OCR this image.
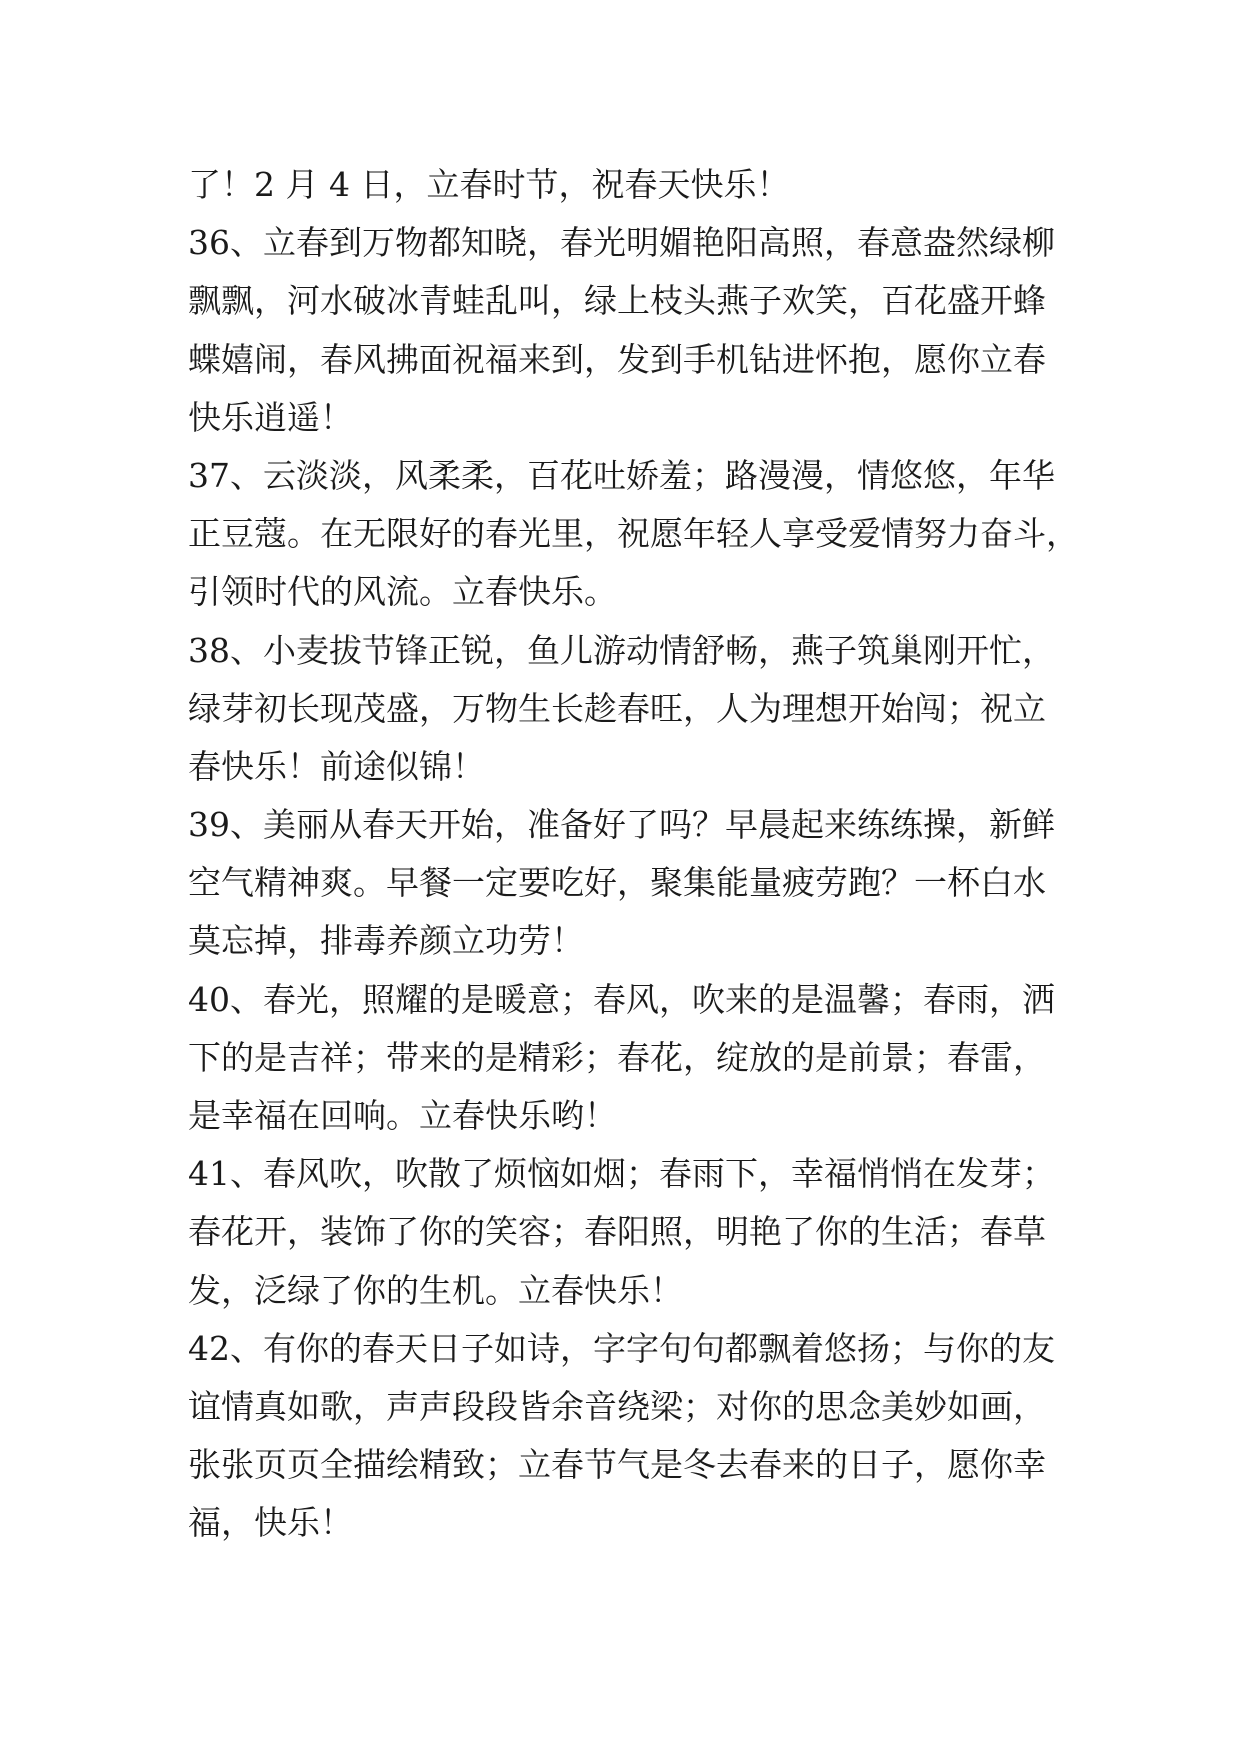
了！2 月 4 日，立春时节，祝春天快乐！
36、立春到万物都知晓，春光明媚艳阳高照，春意盎然绿柳
飘飘，河水破冰青蛙乱叫，绿上枝头燕子欢笑，百花盛开蜂
蝶嬉闹，春风拂面祝福来到，发到手机钻进怀抱，愿你立春
快乐逍遥！
37、云淡淡，风柔柔，百花吐娇羞；路漫漫，情悠悠，年华
正豆蔻。在无限好的春光里，祝愿年轻人享受爱情努力奋斗，
引领时代的风流。立春快乐。
38、小麦拔节锋正锐，鱼儿游动情舒畅，燕子筑巢刚开忙，
绿芽初长现茂盛，万物生长趁春旺，人为理想开始闯；祝立
春快乐！前途似锦！
39、美丽从春天开始，准备好了吗？早晨起来练练操，新鲜
空气精神爽。早餐一定要吃好，聚集能量疲劳跑？一杯白水
莫忘掉，排毒养颜立功劳！
40、春光，照耀的是暖意；春风，吹来的是温馨；春雨，洒
下的是吉祥；带来的是精彩；春花，绽放的是前景；春雷，
是幸福在回响。立春快乐哟！
41、春风吹，吹散了烦恼如烟；春雨下，幸福悄悄在发芽；
春花开，装饰了你的笑容；春阳照，明艳了你的生活；春草
发，泛绿了你的生机。立春快乐！
42、有你的春天日子如诗，字字句句都飘着悠扬；与你的友
谊情真如歌，声声段段皆余音绕梁；对你的思念美妙如画，
张张页页全描绘精致；立春节气是冬去春来的日子，愿你幸
福，快乐！
